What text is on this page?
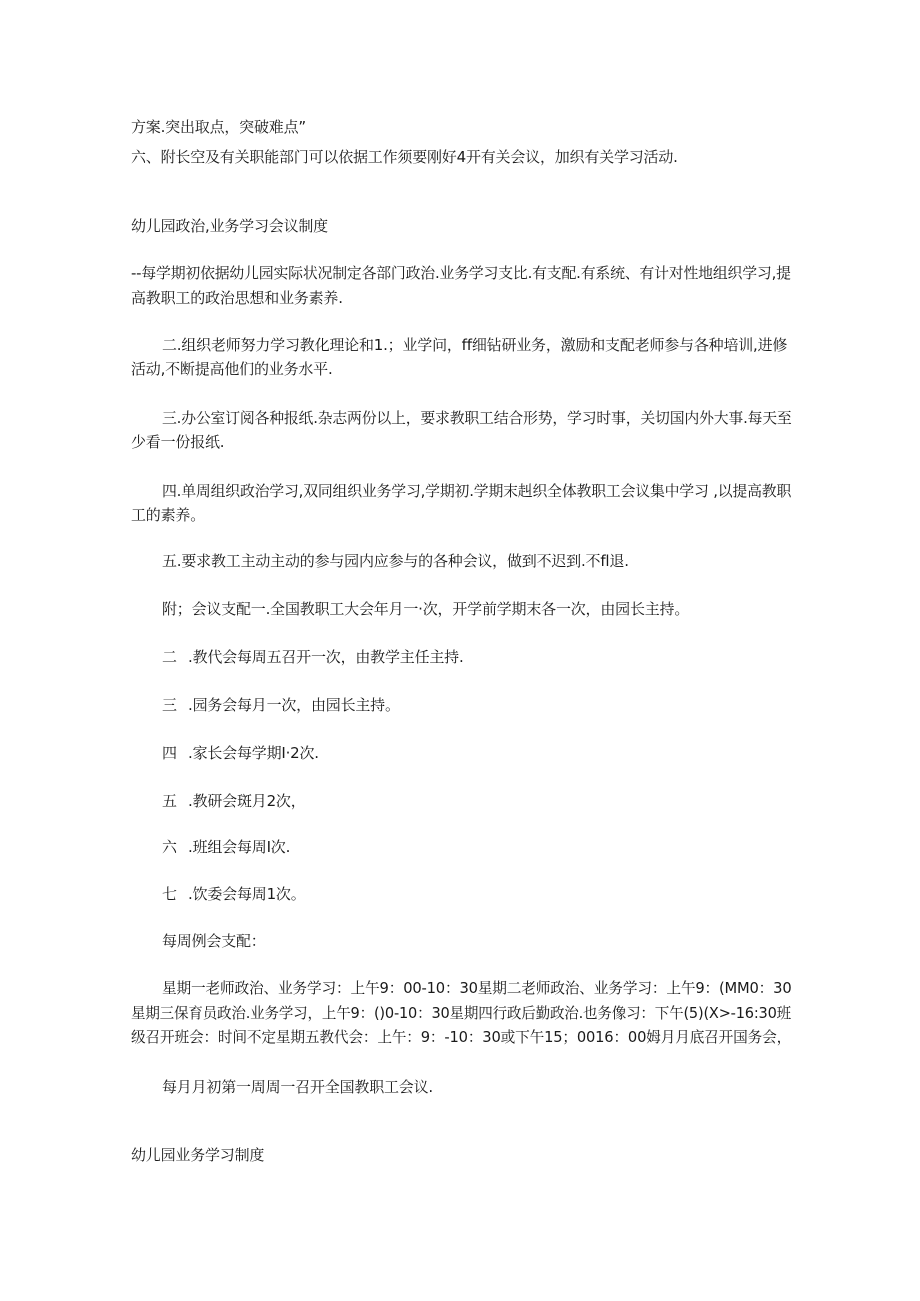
方案.突出取点，突破难点”
六、附长空及有关职能部门可以依据工作须要刚好4开有关会议，加织有关学习活动.
幼儿园政治,业务学习会议制度
--每学期初依据幼儿园实际状况制定各部门政治.业务学习支比.有支配.有系统、有计对性地组织学习,提
高教职工的政治思想和业务素养.
二.组织老师努力学习教化理论和1.；业学问，ff细钻研业务，激励和支配老师参与各种培训,进修
活动,不断提高他们的业务水平.
三.办公室订阅各种报纸.杂志两份以上，要求教职工结合形势，学习时事，关切国内外大事.每天至
少看一份报纸.
四.单周组织政治学习,双同组织业务学习,学期初.学期末赳织全体教职工会议集中学习 ,以提高教职
工的素养。
五.要求教工主动主动的参与园内应参与的各种会议，做到不迟到.不fl退.
附；会议支配一.全国教职工大会年月一·次，开学前学期末各一次，由园长主持。
二 .教代会每周五召开一次，由教学主任主持.
三 .园务会每月一次，由园长主持。
四 .家长会每学期I·2次.
五 .教研会斑月2次，
六 .班组会每周I次.
七 .饮委会每周1次。
每周例会支配：
星期一老师政治、业务学习：上午9：00-10：30星期二老师政治、业务学习：上午9：(MM0：30
星期三保育员政治.业务学习，上午9：()0-10：30星期四行政后勤政治.也务像习：下午(5)(X>-16:30班
级召开班会：时间不定星期五教代会：上午：9：-10：30或下午15；0016：00姆月月底召开国务会，
每月月初第一周周一召开全国教职工会议.
幼儿园业务学习制度
